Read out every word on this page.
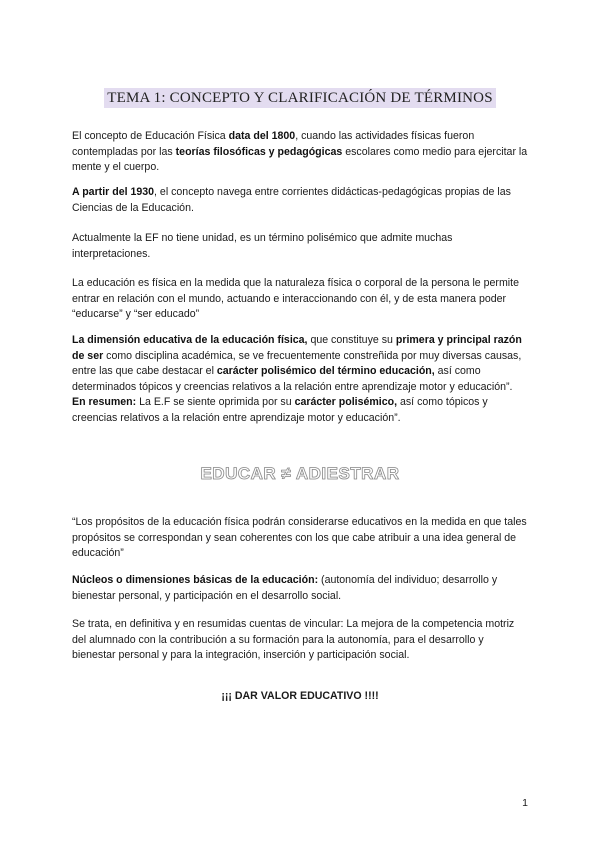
TEMA 1: CONCEPTO Y CLARIFICACIÓN DE TÉRMINOS

El concepto de Educación Física data del 1800, cuando las actividades físicas fueron contempladas por las teorías filosóficas y pedagógicas escolares como medio para ejercitar la mente y el cuerpo.

A partir del 1930, el concepto navega entre corrientes didácticas-pedagógicas propias de las Ciencias de la Educación.

Actualmente la EF no tiene unidad, es un término polisémico que admite muchas interpretaciones.

La educación es física en la medida que la naturaleza física o corporal de la persona le permite entrar en relación con el mundo, actuando e interaccionando con él, y de esta manera poder “educarse” y “ser educado”

La dimensión educativa de la educación física, que constituye su primera y principal razón de ser como disciplina académica, se ve frecuentemente constreñida por muy diversas causas, entre las que cabe destacar el carácter polisémico del término educación, así como determinados tópicos y creencias relativos a la relación entre aprendizaje motor y educación”.
En resumen: La E.F se siente oprimida por su carácter polisémico, así como tópicos y creencias relativos a la relación entre aprendizaje motor y educación”.

EDUCAR ≠ ADIESTRAR

“Los propósitos de la educación física podrán considerarse educativos en la medida en que tales propósitos se correspondan y sean coherentes con los que cabe atribuir a una idea general de educación”

Núcleos o dimensiones básicas de la educación: (autonomía del individuo; desarrollo y bienestar personal, y participación en el desarrollo social.

Se trata, en definitiva y en resumidas cuentas de vincular: La mejora de la competencia motriz del alumnado con la contribución a su formación para la autonomía, para el desarrollo y bienestar personal y para la integración, inserción y participación social.

¡¡¡ DAR VALOR EDUCATIVO !!!!
1
